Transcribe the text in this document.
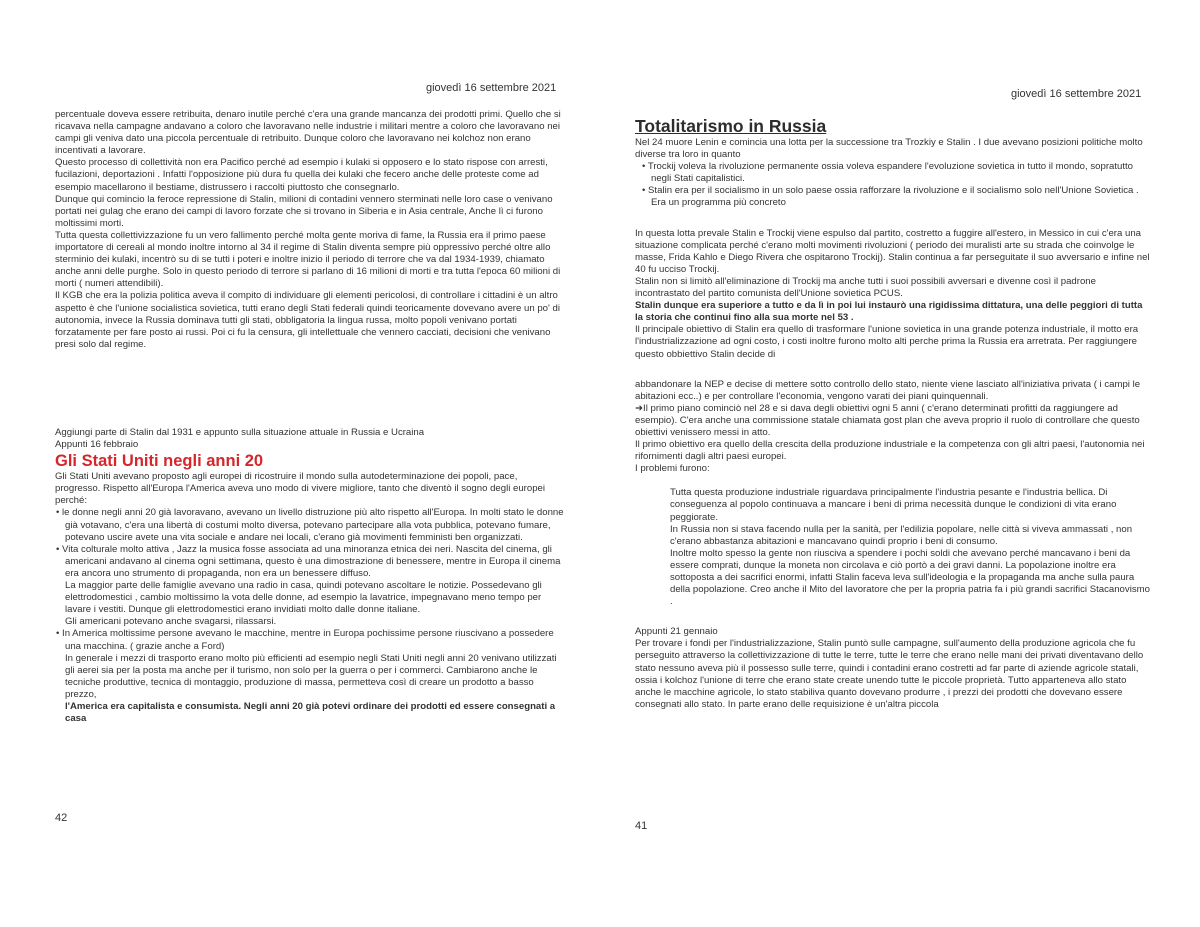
giovedì 16 settembre 2021

percentuale doveva essere retribuita, denaro inutile perché c'era una grande mancanza dei prodotti primi. Quello che si ricavava nella campagne andavano a coloro che lavoravano nelle industrie i militari mentre a coloro che lavoravano nei campi gli veniva dato una piccola percentuale di retribuito. Dunque coloro che lavoravano nei kolchoz non erano incentivati a lavorare.

Questo processo di collettività non era Pacifico perché ad esempio i kulaki si opposero e lo stato rispose con arresti, fucilazioni, deportazioni . Infatti l'opposizione più dura fu quella dei kulaki che fecero anche delle proteste come ad esempio macellarono il bestiame, distrussero i raccolti piuttosto che consegnarlo.

Dunque qui comincio la feroce repressione di Stalin, milioni di contadini vennero sterminati nelle loro case o venivano portati nei gulag che erano dei campi di lavoro forzate che si trovano in Siberia e in Asia centrale, Anche lì ci furono moltissimi morti.

Tutta questa collettivizzazione fu un vero fallimento perché molta gente moriva di fame, la Russia era il primo paese importatore di cereali al mondo inoltre intorno al 34 il regime di Stalin diventa sempre più oppressivo perché oltre allo sterminio dei kulaki, incentrò su di se tutti i poteri e inoltre inizio il periodo di terrore che va dal 1934-1939, chiamato anche anni delle purghe. Solo in questo periodo di terrore si parlano di 16 milioni di morti e tra tutta l'epoca 60 milioni di morti ( numeri attendibili).

Il KGB che era la polizia politica aveva il compito di individuare gli elementi pericolosi, di controllare i cittadini è un altro aspetto è che l'unione socialistica sovietica, tutti erano degli Stati federali quindi teoricamente dovevano avere un po' di autonomia, invece la Russia dominava tutti gli stati, obbligatoria la lingua russa, molto popoli venivano portati forzatamente per fare posto ai russi. Poi ci fu la censura, gli intellettuale che vennero cacciati, decisioni che venivano presi solo dal regime.

Aggiungi parte di Stalin dal 1931 e appunto sulla situazione attuale in Russia e Ucraina

Appunti 16 febbraio

Gli Stati Uniti negli anni 20

Gli Stati Uniti avevano proposto agli europei di ricostruire il mondo sulla autodeterminazione dei popoli, pace, progresso. Rispetto all'Europa l'America aveva uno modo di vivere migliore, tanto che diventò il sogno degli europei perché:

• le donne negli anni 20 già lavoravano, avevano un livello distruzione più alto rispetto all'Europa. In molti stato le donne già votavano, c'era una libertà di costumi molto diversa, potevano partecipare alla vota pubblica, potevano fumare, potevano uscire avete una vita sociale e andare nei locali, c'erano già movimenti femministi ben organizzati.

• Vita colturale molto attiva , Jazz la musica fosse associata ad una minoranza etnica dei neri. Nascita del cinema, gli americani andavano al cinema ogni settimana, questo è una dimostrazione di benessere, mentre in Europa il cinema era ancora uno strumento di propaganda, non era un benessere diffuso.

La maggior parte delle famiglie avevano una radio in casa, quindi potevano ascoltare le notizie. Possedevano gli elettrodomestici , cambio moltissimo la vota delle donne, ad esempio la lavatrice, impegnavano meno tempo per lavare i vestiti. Dunque gli elettrodomestici erano invidiati molto dalle donne italiane.

Gli americani potevano anche svagarsi, rilassarsi.

• In America moltissime persone avevano le macchine, mentre in Europa pochissime persone riuscivano a possedere una macchina. ( grazie anche a Ford)

In generale i mezzi di trasporto erano molto più efficienti ad esempio negli Stati Uniti negli anni 20 venivano utilizzati gli aerei sia per la posta ma anche per il turismo, non solo per la guerra o per i commerci. Cambiarono anche le tecniche produttive, tecnica di montaggio, produzione di massa, permetteva così di creare un prodotto a basso prezzo,

l'America era capitalista e consumista. Negli anni 20 già potevi ordinare dei prodotti ed essere consegnati a casa

42
giovedì 16 settembre 2021
Totalitarismo in Russia

Nel 24 muore Lenin e comincia una lotta per la successione tra Trozkiy e Stalin . I due avevano posizioni politiche molto diverse tra loro in quanto

• Trockij voleva la rivoluzione permanente ossia voleva espandere l'evoluzione sovietica in tutto il mondo, sopratutto negli Stati capitalistici.

• Stalin era per il socialismo in un solo paese ossia rafforzare la rivoluzione e il socialismo solo nell'Unione Sovietica . Era un programma più concreto

In questa lotta prevale Stalin e Trockij viene espulso dal partito, costretto a fuggire all'estero, in Messico in cui c'era una situazione complicata perché c'erano molti movimenti rivoluzioni ( periodo dei muralisti arte su strada che coinvolge le masse, Frida Kahlo e Diego Rivera che ospitarono Trockij). Stalin continua a far perseguitate il suo avversario e infine nel 40 fu ucciso Trockij.

Stalin non si limitò all'eliminazione di Trockij ma anche tutti i suoi possibili avversari e divenne così il padrone incontrastato del partito comunista dell'Unione sovietica PCUS.

Stalin dunque era superiore a tutto e da lì in poi lui instaurò una rigidissima dittatura, una delle peggiori di tutta la storia che continui fino alla sua morte nel 53 .

Il principale obiettivo di Stalin era quello di trasformare l'unione sovietica in una grande potenza industriale, il motto era l'industrializzazione ad ogni costo, i costi inoltre furono molto alti perche prima la Russia era arretrata. Per raggiungere questo obbiettivo Stalin decide di

abbandonare la NEP e decise di mettere sotto controllo dello stato, niente viene lasciato all'iniziativa privata ( i campi le abitazioni ecc..) e per controllare l'economia, vengono varati dei piani quinquennali.

➜Il primo piano cominciò nel 28 e si dava degli obiettivi ogni 5 anni ( c'erano determinati profitti da raggiungere ad esempio). C'era anche una commissione statale chiamata gost plan che aveva proprio il ruolo di controllare che questo obiettivi venissero messi in atto.

Il primo obiettivo era quello della crescita della produzione industriale e la competenza con gli altri paesi, l'autonomia nei rifornimenti dagli altri paesi europei.

I problemi furono:

Tutta questa produzione industriale riguardava principalmente l'industria pesante e l'industria bellica. Di conseguenza al popolo continuava a mancare i beni di prima necessità dunque le condizioni di vita erano peggiorate.

In Russia non si stava facendo nulla per la sanità, per l'edilizia popolare, nelle città si viveva ammassati , non c'erano abbastanza abitazioni e mancavano quindi proprio i beni di consumo.

Inoltre molto spesso la gente non riusciva a spendere i pochi soldi che avevano perché mancavano i beni da essere comprati, dunque la moneta non circolava e ciò portò a dei gravi danni. La popolazione inoltre era sottoposta a dei sacrifici enormi, infatti Stalin faceva leva sull'ideologia e la propaganda ma anche sulla paura della popolazione. Creo anche il Mito del lavoratore che per la propria patria fa i più grandi sacrifici Stacanovismo .

Appunti 21 gennaio

Per trovare i fondi per l'industrializzazione, Stalin puntò sulle campagne, sull'aumento della produzione agricola che fu perseguito attraverso la collettivizzazione di tutte le terre, tutte le terre che erano nelle mani dei privati diventavano dello stato nessuno aveva più il possesso sulle terre, quindi i contadini erano costretti ad far parte di aziende agricole statali, ossia i kolchoz l'unione di terre che erano state create unendo tutte le piccole proprietà. Tutto apparteneva allo stato anche le macchine agricole, lo stato stabiliva quanto dovevano produrre , i prezzi dei prodotti che dovevano essere consegnati allo stato. In parte erano delle requisizione è un'altra piccola

41
